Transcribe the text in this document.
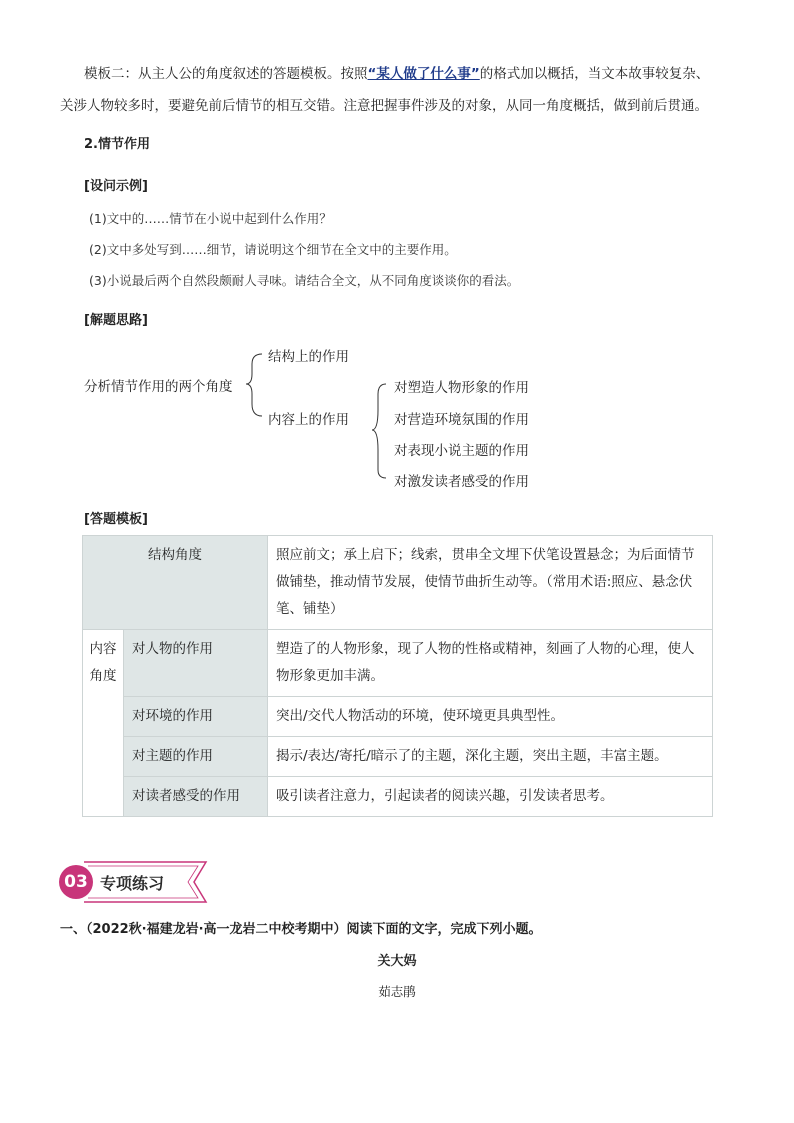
模板二：从主人公的角度叙述的答题模板。按照“某人做了什么事”的格式加以概括，当文本故事较复杂、
关涉人物较多时，要避免前后情节的相互交错。注意把握事件涉及的对象，从同一角度概括，做到前后贯通。
2.情节作用
[设问示例]
(1)文中的……情节在小说中起到什么作用？
(2)文中多处写到……细节，请说明这个细节在全文中的主要作用。
(3)小说最后两个自然段颇耐人寻味。请结合全文，从不同角度谈谈你的看法。
[解题思路]
分析情节作用的两个角度
结构上的作用
内容上的作用
对塑造人物形象的作用
对营造环境氛围的作用
对表现小说主题的作用
对激发读者感受的作用
[答题模板]
结构角度		照应前文；承上启下；线索，贯串全文埋下伏笔设置悬念；为后面情节做铺垫，推动情节发展，使情节曲折生动等。（常用术语:照应、悬念伏笔、铺垫）
内容角度	对人物的作用	塑造了的人物形象，现了人物的性格或精神，刻画了人物的心理，使人物形象更加丰满。
	对环境的作用	突出/交代人物活动的环境，使环境更具典型性。
	对主题的作用	揭示/表达/寄托/暗示了的主题，深化主题，突出主题，丰富主题。
	对读者感受的作用	吸引读者注意力，引起读者的阅读兴趣，引发读者思考。
03 专项练习
一、（2022秋·福建龙岩·高一龙岩二中校考期中）阅读下面的文字，完成下列小题。
关大妈
茹志鹃
